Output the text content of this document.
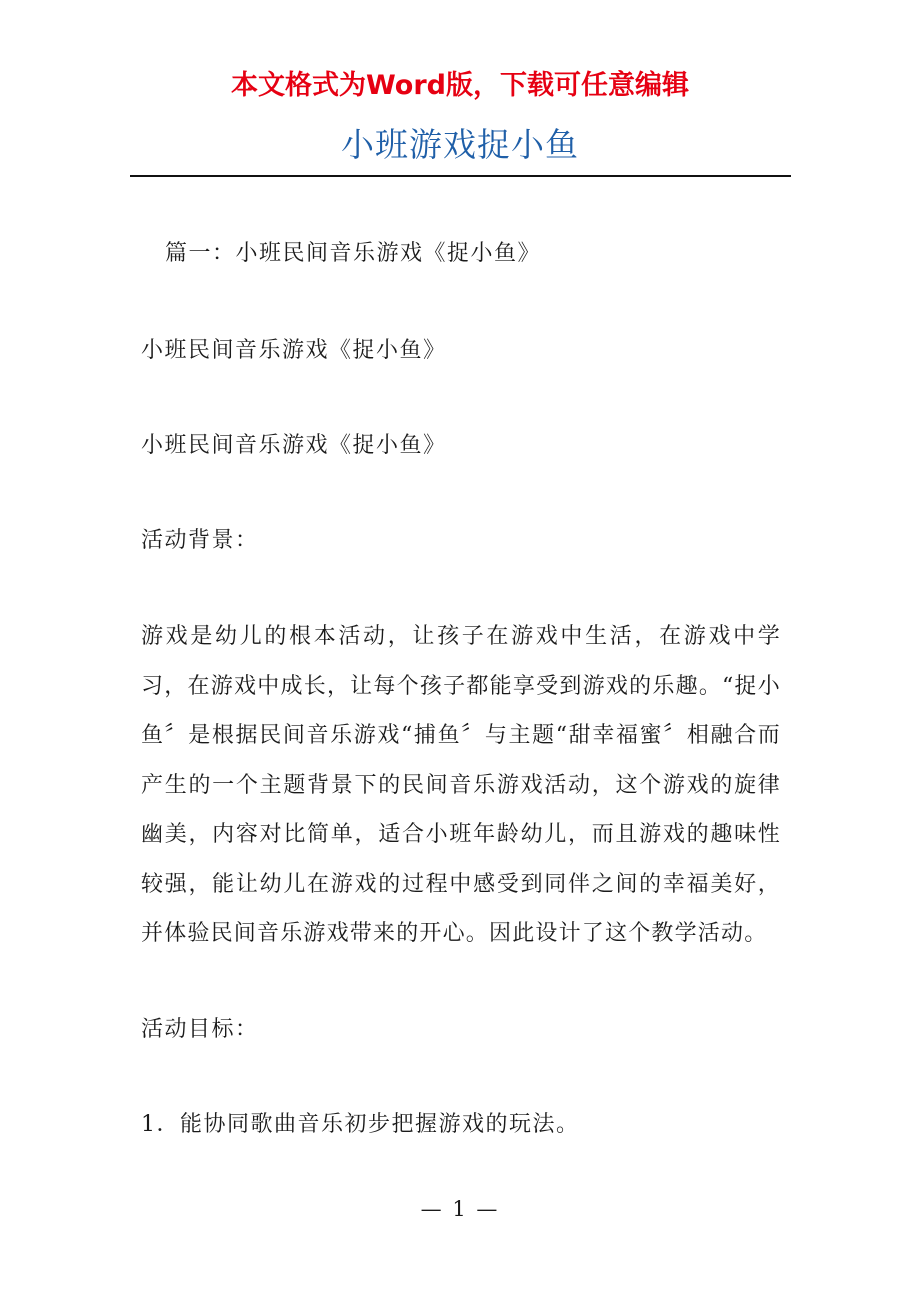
本文格式为Word版，下载可任意编辑
小班游戏捉小鱼

篇一：小班民间音乐游戏《捉小鱼》

小班民间音乐游戏《捉小鱼》

小班民间音乐游戏《捉小鱼》

活动背景：

游戏是幼儿的根本活动，让孩子在游戏中生活，在游戏中学习，在游戏中成长，让每个孩子都能享受到游戏的乐趣。“捉小鱼〞是根据民间音乐游戏“捕鱼〞与主题“甜幸福蜜〞相融合而产生的一个主题背景下的民间音乐游戏活动，这个游戏的旋律幽美，内容对比简单，适合小班年龄幼儿，而且游戏的趣味性较强，能让幼儿在游戏的过程中感受到同伴之间的幸福美好，并体验民间音乐游戏带来的开心。因此设计了这个教学活动。

活动目标：

1．能协同歌曲音乐初步把握游戏的玩法。

— 1 —
